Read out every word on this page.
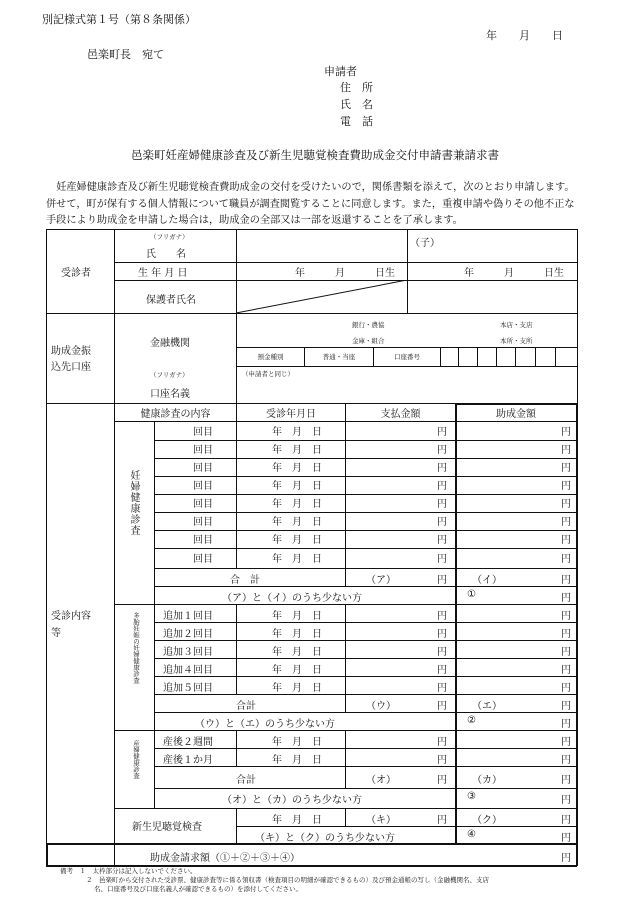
別記様式第１号（第８条関係）
年　　月　　日
邑楽町長　宛て
申請者
住　所
氏　名
電　話
邑楽町妊産婦健康診査及び新生児聴覚検査費助成金交付申請書兼請求書

妊産婦健康診査及び新生児聴覚検査費助成金の交付を受けたいので，関係書類を添えて，次のとおり申請します。併せて，町が保有する個人情報について職員が調査閲覧することに同意します。また，重複申請や偽りその他不正な手段により助成金を申請した場合は，助成金の全部又は一部を返還することを了承します。

受診者
（フリガナ）
氏　　名
（子）
生 年 月 日	年　　　月　　　日生	年　　　月　　　日生
保護者氏名
助成金振
込先口座
金融機関
銀行・農協
金庫・組合
本店・支店
本所・支所
預金種別	普通・当座	口座番号
（フリガナ）	（申請者と同じ）
口座名義
受診内容
等
健康診査の内容	受診年月日	支払金額	助成金額
妊婦健康診査
多胎妊娠の妊婦健康診査
産婦健康診査
回目	年　月　日	円	円
回目	年　月　日	円	円
回目	年　月　日	円	円
回目	年　月　日	円	円
回目	年　月　日	円	円
回目	年　月　日	円	円
回目	年　月　日	円	円
回目	年　月　日	円	円
合　計	（ア）	円	（イ）	円
（ア）と（イ）のうち少ない方	①	円
追加１回目	年　月　日	円	円
追加２回目	年　月　日	円	円
追加３回目	年　月　日	円	円
追加４回目	年　月　日	円	円
追加５回目	年　月　日	円	円
合計	（ウ）	円	（エ）	円
（ウ）と（エ）のうち少ない方	②	円
産後２週間	年　月　日	円	円
産後１か月	年　月　日	円	円
合計	（オ）	円	（カ）	円
（オ）と（カ）のうち少ない方	③	円
新生児聴覚検査
年　月　日	（キ）	円	（ク）	円
（キ）と（ク）のうち少ない方	④	円
助成金請求額（①＋②＋③＋④）	円
備考　 １　太枠部分は記入しないでください。
２　邑楽町から交付された受診票、健康診査等に係る領収書（検査項目の明細が確認できるもの）及び預金通帳の写し（金融機関名、支店
名、口座番号及び口座名義人が確認できるもの）を添付してください。
